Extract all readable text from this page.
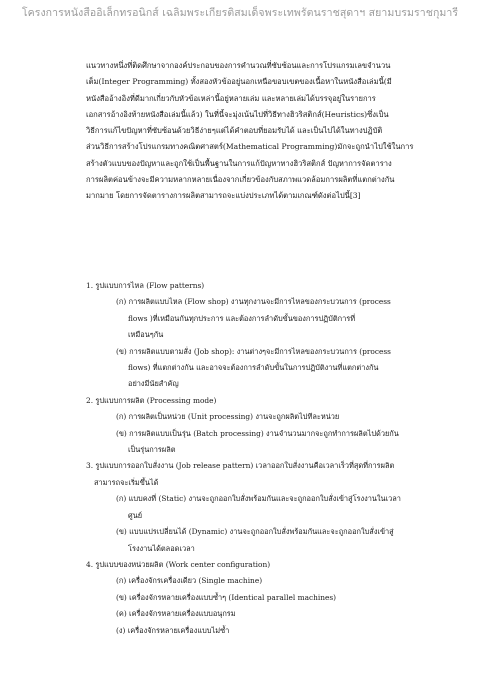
โครงการหนังสืออิเล็กทรอนิกส์ เฉลิมพระเกียรติสมเด็จพระเทพรัตนราชสุดาฯ สยามบรมราชกุมารี

แนวทางหนึ่งที่ติดศึกษาจากองค์ประกอบของการคำนวณที่ซับซ้อนและการโปรแกรมเลขจำนวน

เต็ม(Integer Programming) ทั้งสองหัวข้ออยู่นอกเหนือขอบเขตของเนื้อหาในหนังสือเล่มนี้(มี

หนังสืออ้างอิงที่ดีมากเกี่ยวกับหัวข้อเหล่านี้อยู่หลายเล่ม และหลายเล่มได้บรรจุอยู่ในรายการ

เอกสารอ้างอิงท้ายหนังสือเล่มนี้แล้ว) ในที่นี้จะมุ่งเน้นไปที่วิธีทางฮิวริสติกส์(Heuristics)ซึ่งเป็น

วิธีการแก้ไขปัญหาที่ซับซ้อนด้วยวิธีง่ายๆแต่ได้คำตอบที่ยอมรับได้ และเป็นไปได้ในทางปฏิบัติ

ส่วนวิธีการสร้างโปรแกรมทางคณิตศาสตร์(Mathematical Programming)มักจะถูกนำไปใช้ในการ

สร้างตัวแบบของปัญหาและถูกใช้เป็นพื้นฐานในการแก้ปัญหาทางฮิวริสติกส์ ปัญหาการจัดตาราง

การผลิตค่อนข้างจะมีความหลากหลายเนื่องจากเกี่ยวข้องกับสภาพแวดล้อมการผลิตที่แตกต่างกัน

มากมาย โดยการจัดตารางการผลิตสามารถจะแบ่งประเภทได้ตามเกณฑ์ดังต่อไปนี้[3]

1. รูปแบบการไหล (Flow patterns)
(ก) การผลิตแบบไหล (Flow shop) งานทุกงานจะมีการไหลของกระบวนการ (process
flows )ที่เหมือนกันทุกประการ และต้องการลำดับขั้นของการปฏิบัติการที่
เหมือนๆกัน
(ข) การผลิตแบบตามสั่ง (Job shop): งานต่างๆจะมีการไหลของกระบวนการ (process
flows) ที่แตกต่างกัน และอาจจะต้องการลำดับขั้นในการปฏิบัติงานที่แตกต่างกัน
อย่างมีนัยสำคัญ
2. รูปแบบการผลิต (Processing mode)
(ก) การผลิตเป็นหน่วย (Unit processing) งานจะถูกผลิตไปทีละหน่วย
(ข) การผลิตแบบเป็นรุ่น (Batch processing) งานจำนวนมากจะถูกทำการผลิตไปด้วยกัน
เป็นรุ่นการผลิต
3. รูปแบบการออกใบสั่งงาน (Job release pattern) เวลาออกใบสั่งงานคือเวลาเร็วที่สุดที่การผลิต
สามารถจะเริ่มขึ้นได้
(ก) แบบคงที่ (Static) งานจะถูกออกใบสั่งพร้อมกันและจะถูกออกใบสั่งเข้าสู่โรงงานในเวลา
ศูนย์
(ข) แบบแปรเปลี่ยนได้ (Dynamic) งานจะถูกออกใบสั่งพร้อมกันและจะถูกออกใบสั่งเข้าสู่
โรงงานได้ตลอดเวลา
4. รูปแบบของหน่วยผลิต (Work center configuration)
(ก) เครื่องจักรเครื่องเดียว (Single machine)
(ข) เครื่องจักรหลายเครื่องแบบซ้ำๆ (Identical parallel machines)
(ค) เครื่องจักรหลายเครื่องแบบอนุกรม
(ง) เครื่องจักรหลายเครื่องแบบไม่ซ้ำ
